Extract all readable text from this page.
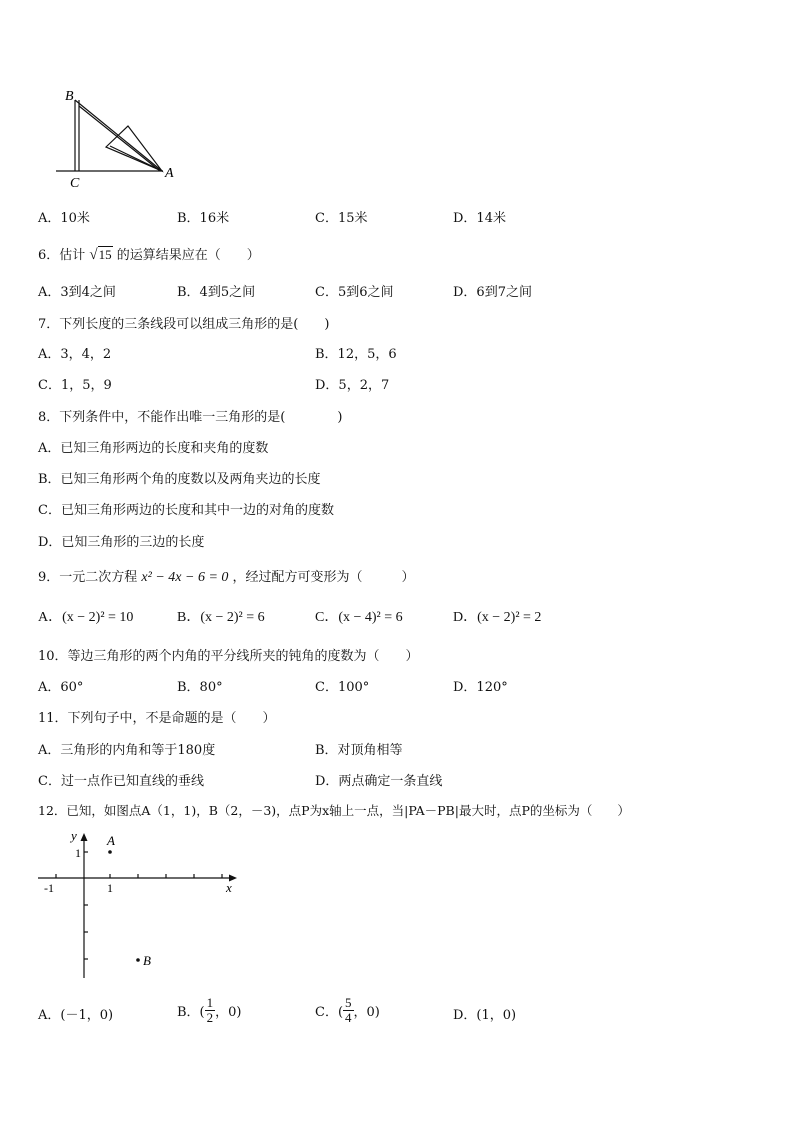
B
C
A
A．10米	B．16米	C．15米	D．14米
6．估计 √15 的运算结果应在（　　）
A．3到4之间	B．4到5之间	C．5到6之间	D．6到7之间
7．下列长度的三条线段可以组成三角形的是(　　)
A．3，4，2	B．12，5，6
C．1，5，9	D．5，2，7
8．下列条件中，不能作出唯一三角形的是(　　　　)
A．已知三角形两边的长度和夹角的度数
B．已知三角形两个角的度数以及两角夹边的长度
C．已知三角形两边的长度和其中一边的对角的度数
D．已知三角形的三边的长度
9．一元二次方程 x² − 4x − 6 = 0 ，经过配方可变形为（　　　）
A．(x − 2)² = 10	B．(x − 2)² = 6	C．(x − 4)² = 6	D．(x − 2)² = 2
10．等边三角形的两个内角的平分线所夹的钝角的度数为（　　）
A．60°	B．80°	C．100°	D．120°
11．下列句子中，不是命题的是（　　）
A．三角形的内角和等于180度	B．对顶角相等
C．过一点作已知直线的垂线	D．两点确定一条直线
12．已知，如图点A（1，1)，B（2，－3)，点P为x轴上一点，当|PA－PB|最大时，点P的坐标为（　　）
y
x
1
-1	1
A
B
A．(－1，0)	B．( $\frac{1}{2}$ ，0)	C．( $\frac{5}{4}$ ，0)	D．(1，0)
